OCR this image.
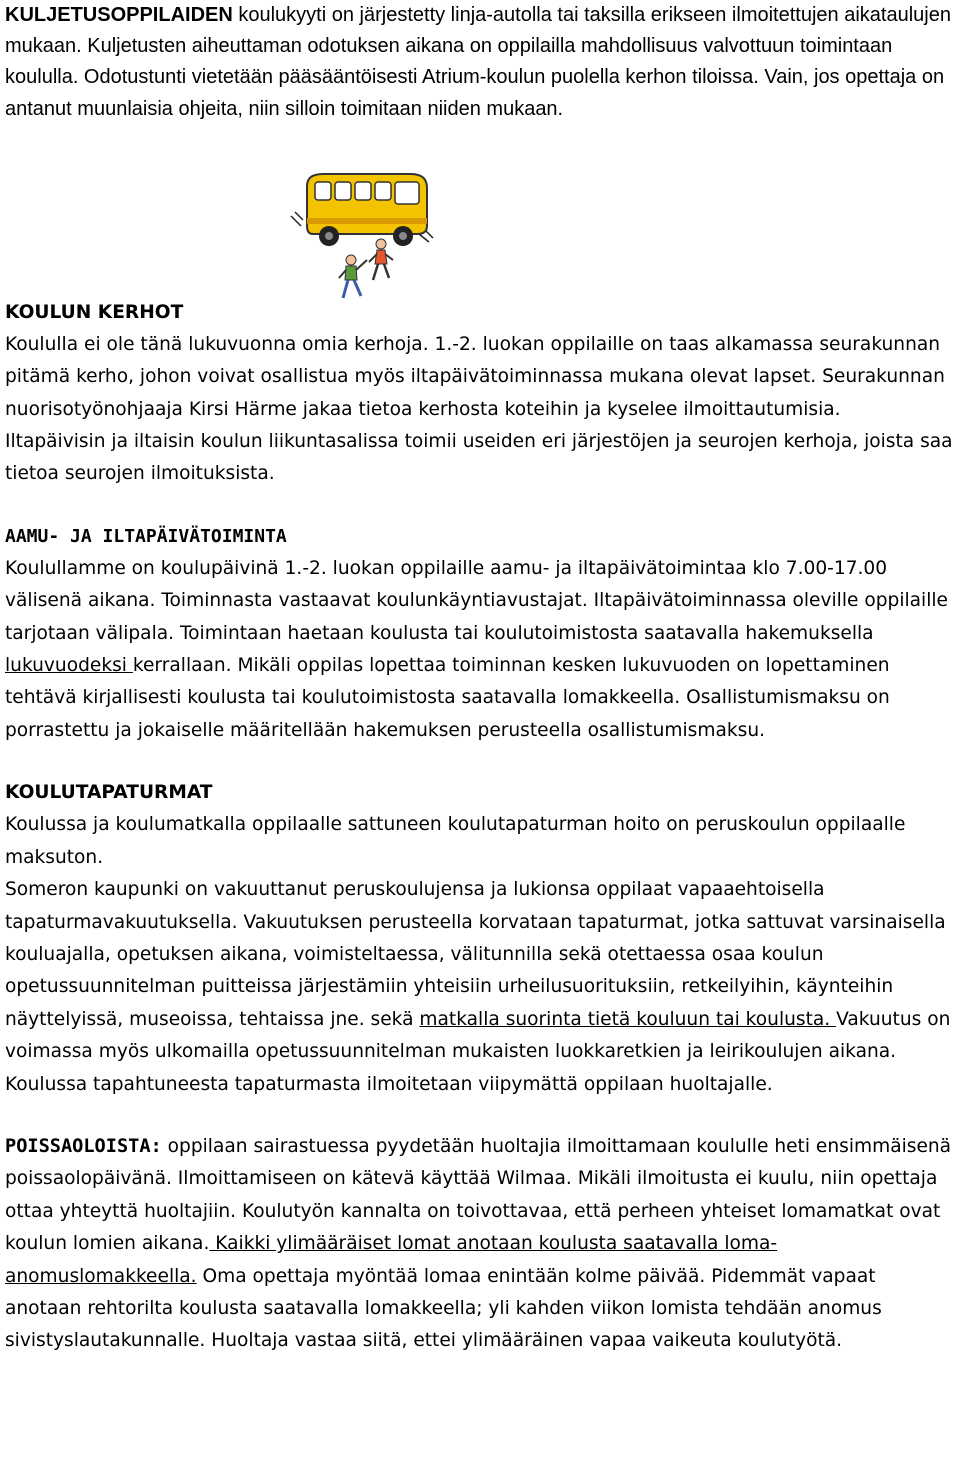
KULJETUSOPPILAIDEN koulukyyti on järjestetty linja-autolla tai taksilla erikseen ilmoitettujen aikataulujen mukaan. Kuljetusten aiheuttaman odotuksen aikana on oppilailla mahdollisuus valvottuun toimintaan koululla. Odotustunti vietetään pääsääntöisesti Atrium-koulun puolella kerhon tiloissa. Vain, jos opettaja on antanut muunlaisia ohjeita, niin silloin toimitaan niiden mukaan.

KOULUN KERHOT

Koululla ei ole tänä lukuvuonna omia kerhoja. 1.-2. luokan oppilaille on taas alkamassa seurakunnan pitämä kerho, johon voivat osallistua myös iltapäivätoiminnassa mukana olevat lapset. Seurakunnan nuorisotyönohjaaja Kirsi Härme jakaa tietoa kerhosta koteihin ja kyselee ilmoittautumisia.

Iltapäivisin ja iltaisin koulun liikuntasalissa toimii useiden eri järjestöjen ja seurojen kerhoja, joista saa tietoa seurojen ilmoituksista.

AAMU- JA ILTAPÄIVÄTOIMINTA

Koulullamme on koulupäivinä 1.-2. luokan oppilaille aamu- ja iltapäivätoimintaa klo 7.00-17.00 välisenä aikana. Toiminnasta vastaavat koulunkäyntiavustajat. Iltapäivätoiminnassa oleville oppilaille tarjotaan välipala. Toimintaan haetaan koulusta tai koulutoimistosta saatavalla hakemuksella lukuvuodeksi kerrallaan. Mikäli oppilas lopettaa toiminnan kesken lukuvuoden on lopettaminen tehtävä kirjallisesti koulusta tai koulutoimistosta saatavalla lomakkeella. Osallistumismaksu on porrastettu ja jokaiselle määritellään hakemuksen perusteella osallistumismaksu.

KOULUTAPATURMAT

Koulussa ja koulumatkalla oppilaalle sattuneen koulutapaturman hoito on peruskoulun oppilaalle maksuton.

Someron kaupunki on vakuuttanut peruskoulujensa ja lukionsa oppilaat vapaaehtoisella tapaturmavakuutuksella. Vakuutuksen perusteella korvataan tapaturmat, jotka sattuvat varsinaisella kouluajalla, opetuksen aikana, voimisteltaessa, välitunnilla sekä otettaessa osaa koulun opetussuunnitelman puitteissa järjestämiin yhteisiin urheilusuorituksiin, retkeilyihin, käynteihin näyttelyissä, museoissa, tehtaissa jne. sekä matkalla suorinta tietä kouluun tai koulusta. Vakuutus on voimassa myös ulkomailla opetussuunnitelman mukaisten luokkaretkien ja leirikoulujen aikana.

Koulussa tapahtuneesta tapaturmasta ilmoitetaan viipymättä oppilaan huoltajalle.

POISSAOLOISTA: oppilaan sairastuessa pyydetään huoltajia ilmoittamaan koululle heti ensimmäisenä poissaolopäivänä. Ilmoittamiseen on kätevä käyttää Wilmaa. Mikäli ilmoitusta ei kuulu, niin opettaja ottaa yhteyttä huoltajiin. Koulutyön kannalta on toivottavaa, että perheen yhteiset lomamatkat ovat koulun lomien aikana. Kaikki ylimääräiset lomat anotaan koulusta saatavalla loma-anomuslomakkeella. Oma opettaja myöntää lomaa enintään kolme päivää. Pidemmät vapaat anotaan rehtorilta koulusta saatavalla lomakkeella; yli kahden viikon lomista tehdään anomus sivistyslautakunnalle. Huoltaja vastaa siitä, ettei ylimääräinen vapaa vaikeuta koulutyötä.
